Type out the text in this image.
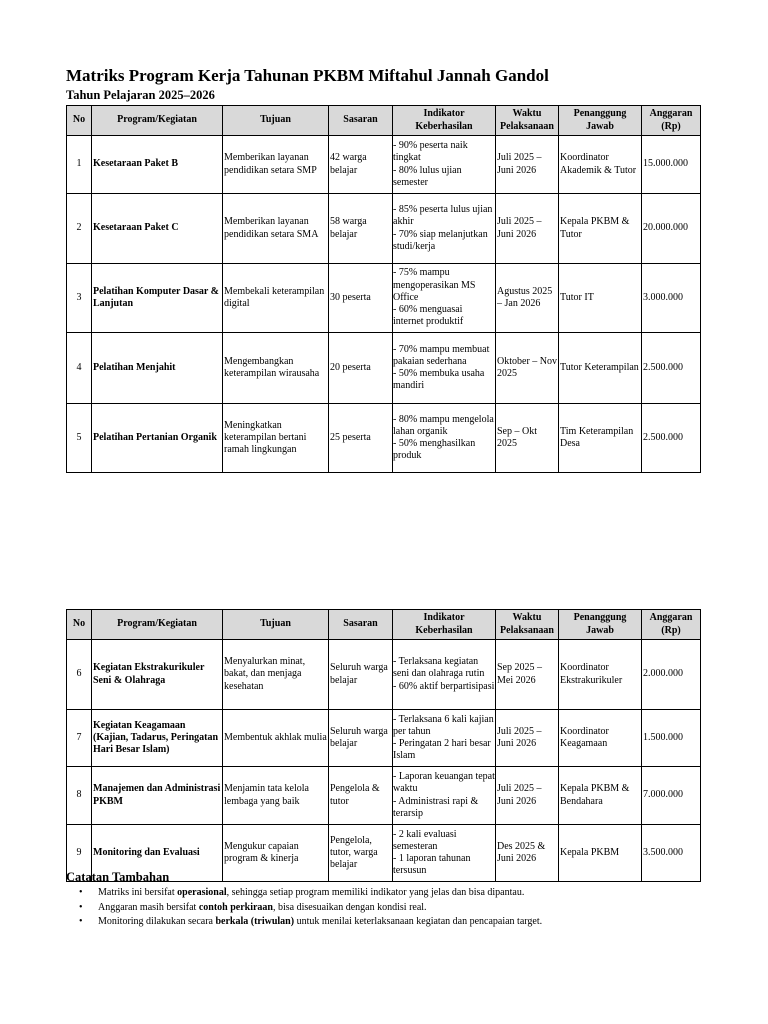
Matriks Program Kerja Tahunan PKBM Miftahul Jannah Gandol
Tahun Pelajaran 2025–2026
No	Program/Kegiatan	Tujuan	Sasaran	Indikator Keberhasilan	Waktu Pelaksanaan	Penanggung Jawab	Anggaran (Rp)
1	Kesetaraan Paket B	Memberikan layanan pendidikan setara SMP	42 warga belajar	- 90% peserta naik tingkat
- 80% lulus ujian semester	Juli 2025 – Juni 2026	Koordinator Akademik & Tutor	15.000.000
2	Kesetaraan Paket C	Memberikan layanan pendidikan setara SMA	58 warga belajar	- 85% peserta lulus ujian akhir
- 70% siap melanjutkan studi/kerja	Juli 2025 – Juni 2026	Kepala PKBM & Tutor	20.000.000
3	Pelatihan Komputer Dasar & Lanjutan	Membekali keterampilan digital	30 peserta	- 75% mampu mengoperasikan MS Office
- 60% menguasai internet produktif	Agustus 2025 – Jan 2026	Tutor IT	3.000.000
4	Pelatihan Menjahit	Mengembangkan keterampilan wirausaha	20 peserta	- 70% mampu membuat pakaian sederhana
- 50% membuka usaha mandiri	Oktober – Nov 2025	Tutor Keterampilan	2.500.000
5	Pelatihan Pertanian Organik	Meningkatkan keterampilan bertani ramah lingkungan	25 peserta	- 80% mampu mengelola lahan organik
- 50% menghasilkan produk	Sep – Okt 2025	Tim Keterampilan Desa	2.500.000
No	Program/Kegiatan	Tujuan	Sasaran	Indikator Keberhasilan	Waktu Pelaksanaan	Penanggung Jawab	Anggaran (Rp)
6	Kegiatan Ekstrakurikuler Seni & Olahraga	Menyalurkan minat, bakat, dan menjaga kesehatan	Seluruh warga belajar	- Terlaksana kegiatan seni dan olahraga rutin
- 60% aktif berpartisipasi	Sep 2025 – Mei 2026	Koordinator Ekstrakurikuler	2.000.000
7	Kegiatan Keagamaan (Kajian, Tadarus, Peringatan Hari Besar Islam)	Membentuk akhlak mulia	Seluruh warga belajar	- Terlaksana 6 kali kajian per tahun
- Peringatan 2 hari besar Islam	Juli 2025 – Juni 2026	Koordinator Keagamaan	1.500.000
8	Manajemen dan Administrasi PKBM	Menjamin tata kelola lembaga yang baik	Pengelola & tutor	- Laporan keuangan tepat waktu
- Administrasi rapi & terarsip	Juli 2025 – Juni 2026	Kepala PKBM & Bendahara	7.000.000
9	Monitoring dan Evaluasi	Mengukur capaian program & kinerja	Pengelola, tutor, warga belajar	- 2 kali evaluasi semesteran
- 1 laporan tahunan tersusun	Des 2025 & Juni 2026	Kepala PKBM	3.500.000
Catatan Tambahan
• Matriks ini bersifat operasional, sehingga setiap program memiliki indikator yang jelas dan bisa dipantau.
• Anggaran masih bersifat contoh perkiraan, bisa disesuaikan dengan kondisi real.
• Monitoring dilakukan secara berkala (triwulan) untuk menilai keterlaksanaan kegiatan dan pencapaian target.
